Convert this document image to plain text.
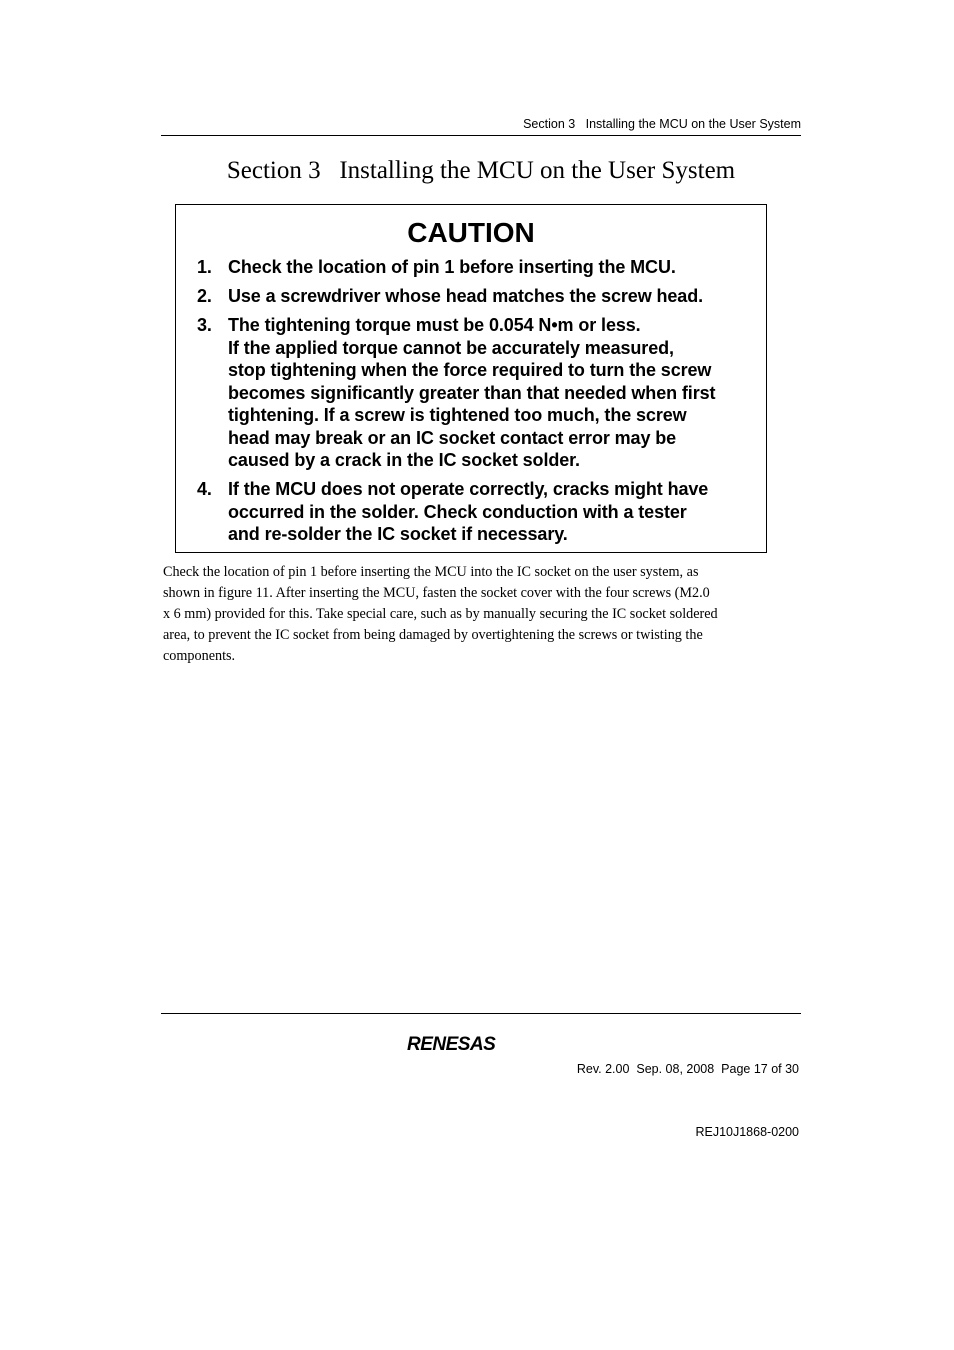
Section 3   Installing the MCU on the User System
Section 3   Installing the MCU on the User System
CAUTION
1. Check the location of pin 1 before inserting the MCU.
2. Use a screwdriver whose head matches the screw head.
3. The tightening torque must be 0.054 N•m or less.
If the applied torque cannot be accurately measured,
stop tightening when the force required to turn the screw
becomes significantly greater than that needed when first
tightening. If a screw is tightened too much, the screw
head may break or an IC socket contact error may be
caused by a crack in the IC socket solder.
4. If the MCU does not operate correctly, cracks might have
occurred in the solder. Check conduction with a tester
and re-solder the IC socket if necessary.
Check the location of pin 1 before inserting the MCU into the IC socket on the user system, as
shown in figure 11. After inserting the MCU, fasten the socket cover with the four screws (M2.0
x 6 mm) provided for this. Take special care, such as by manually securing the IC socket soldered
area, to prevent the IC socket from being damaged by overtightening the screws or twisting the
components.
RENESAS

Rev. 2.00  Sep. 08, 2008  Page 17 of 30

REJ10J1868-0200
